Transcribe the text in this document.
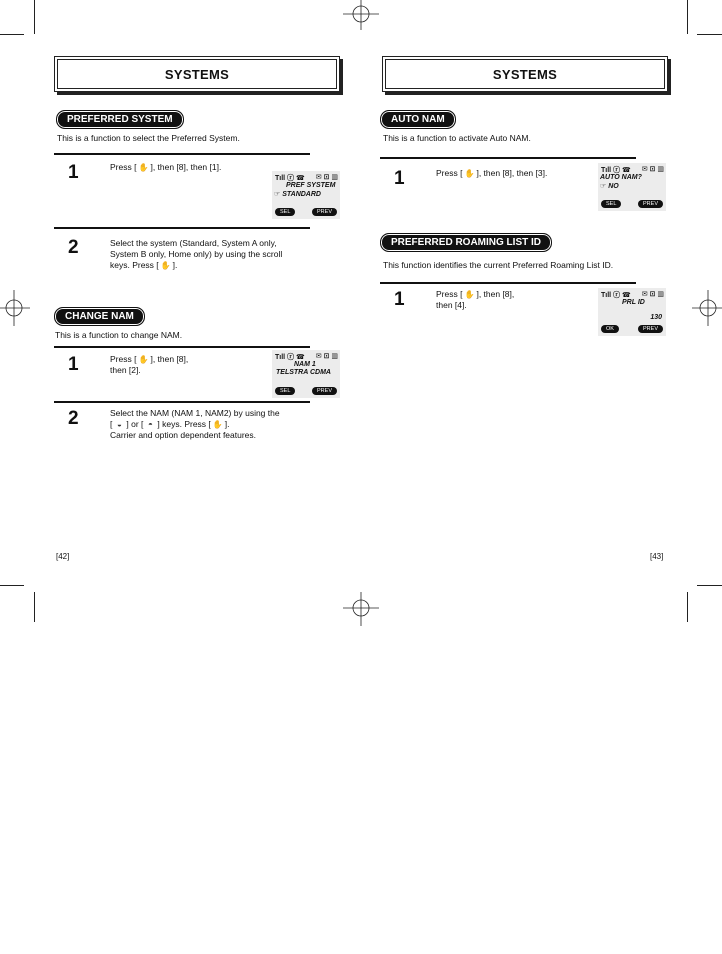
SYSTEMS
PREFERRED SYSTEM
This is a function to select the Preferred System.
1	Press [ ✋ ], then [8], then [1].
Tıll ⓡ ☎ ✉ ⊡ ▥
PREF SYSTEM
☞ STANDARD
SEL	PREV
2	Select the system (Standard, System A only,
System B only, Home only) by using the scroll
keys. Press [ ✋ ].
CHANGE NAM
This is a function to change NAM.
1	Press [ ✋ ], then [8],
then [2].
Tıll ⓡ ☎ ✉ ⊡ ▥
NAM 1
TELSTRA CDMA
SEL	PREV
2	Select the NAM (NAM 1, NAM2) by using the
[ ◒ ] or [ ◓ ] keys. Press [ ✋ ].
Carrier and option dependent features.
[42]
SYSTEMS
AUTO NAM
This is a function to activate Auto NAM.
1	Press [ ✋ ], then [8], then [3].	Tıll ⓡ ☎ ✉ ⊡ ▥
AUTO NAM?
☞ NO
SEL	PREV
PREFERRED ROAMING LIST ID
This function identifies the current Preferred Roaming List ID.
1	Press [ ✋ ], then [8],
then [4].
Tıll ⓡ ☎ ✉ ⊡ ▥
PRL ID
130
OK	PREV
[43]
